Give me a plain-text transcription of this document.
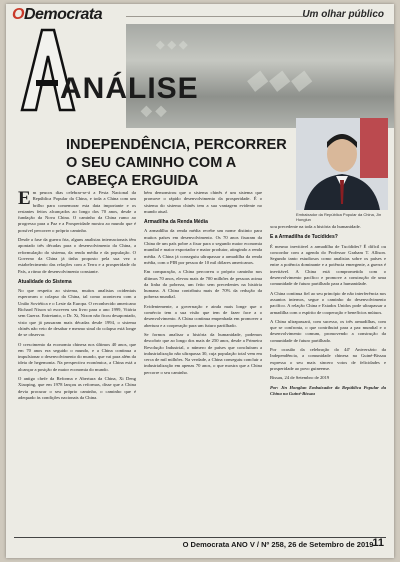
ODemocrata	Um olhar público
◆ ◆ ◆
◆◆◆
◆ ◆
ANÁLISE
INDEPENDÊNCIA, PERCORRER O SEU CAMINHO COM A CABEÇA ERGUIDA
Embaixador da República Popular da China, Jin Honglun
E m peucos dias celebrar-se-á a Festa Nacional da República Popular da China, e toda a China com um brilho para comemorar esta data importante e os restantes feitos alcançados ao longo dos 70 anos, desde a fundação da Nova China. O caminho da China rumo ao progresso para a Paz e a Prosperidade mostra ao mundo que é possível percorrer o próprio caminho.

Desde a fase da guerra fria, alguns analistas internacionais têm apontado três décadas para o desenvolvimento da China, a reformulação do sistema, da renda média e da população. O Governo da China já tinha proposto pela sua vez o estabelecimento das relações com a Terra e a prosperidade do País, a ritmo de desenvolvimento constante.

Atualidade do Sistema

No que respeita ao sistema, muitos analistas ocidentais esperavam o colapso da China, tal como aconteceu com a União Soviética e o Leste da Europa. O reconhecido americano Richard Nixon só escreveu seu livro para o ano 1999, Vitória sem Guerra. Entretanto, o Dr. Xi, Nixon não ficou desapontado, visto que já passaram mais décadas desde 1994, o sistema chinês não veio de desabar e mesmo sinal do colapso está longe de se observar.

O crescimento da economia chinesa nos últimos 40 anos, que em 70 anos era seguido o mundo, e a China continua a impulsionar o desenvolvimento do mundo, que vai para além da ideia de hegemonia. Na perspectiva económica, a China está a alcançar a posição de maior economia do mundo.

O antigo chefe da Reforma e Abertura da China, Xi Deng Xiaoping, que em 1978 lançou as reformas, disse que a China devia procurar o seu próprio caminho, o caminho que é adequado às condições nacionais da China.

bém demonstrou que o sistema chinês é um sistema que promove o rápido desenvolvimento da prosperidade. É o sistema do sistema chinês tem a sua vantagem evidente no mundo atual.

Armadilha da Renda Média

A armadilha da renda média recebe um nome distinto para muitos países em desenvolvimento. Os 70 anos fixaram da China de um país pobre a fixar para o segundo maior economia mundial e maior exportador e maior produtor, atingindo a renda média. A China já conseguiu ultrapassar a armadilha da renda média, com o PIB por pessoa de 10 mil dólares americanos.

Em comparação, a China percorreu o próprio caminho nos últimos 70 anos, elevou mais de 700 milhões de pessoas acima da linha da pobreza, um feito sem precedentes na história humana. A China contribuiu mais de 70% da redução da pobreza mundial.

Evidentemente, a governação e ainda mais longe que o comércio tem a sua visão que tem de fazer face a o desenvolvimento. A China continua empenhada em promover a abertura e a cooperação para um futuro partilhado.

Se formos analisar a história da humanidade, podemos descobrir que ao longo dos mais de 250 anos, desde a Primeira Revolução Industrial, o número de países que concluíram a industrialização não ultrapassa 30, cuja população total vem em cerca de mil milhões. Na verdade, a China conseguiu concluir a industrialização em apenas 70 anos, o que mostra que a China percorre o seu caminho.

xou precedente na toda a história da humanidade.

E a Armadilha de Tucídides?

É mesmo inevitável a armadilha de Tucídides? É difícil ou concordar com a agenda do Professor Graham T. Allison. Segundo tanto estudiosos como analistas sobre os países e entre a potência dominante e a potência emergente, a guerra é inevitável. A China está comprometida com o desenvolvimento pacífico e promove a construção de uma comunidade de futuro partilhado para a humanidade.

A China continua fiel ao seu princípio de não interferência nos assuntos internos, segue o caminho do desenvolvimento pacífico. A relação China e Estados Unidos pode ultrapassar a armadilha com o espírito de cooperação e benefícios mútuos.

A China ultrapassará, com sucesso, os três armadilhas, com que se confronta, o que contribuirá para a paz mundial e o desenvolvimento comum, promovendo a construção da comunidade de futuro partilhado.

Por ocasião da celebração do 44º Aniversário da Independência, a comunidade chinesa na Guiné-Bissau expressa o seu mais sincero votos de felicidades e prosperidade ao povo guineense.

Bissau, 24 de Setembro de 2019

Por: Jin Honglun Embaixador da República Popular da China na Guiné-Bissau

O Democrata ANO V / Nº 258, 26 de Setembro de 2019
11
